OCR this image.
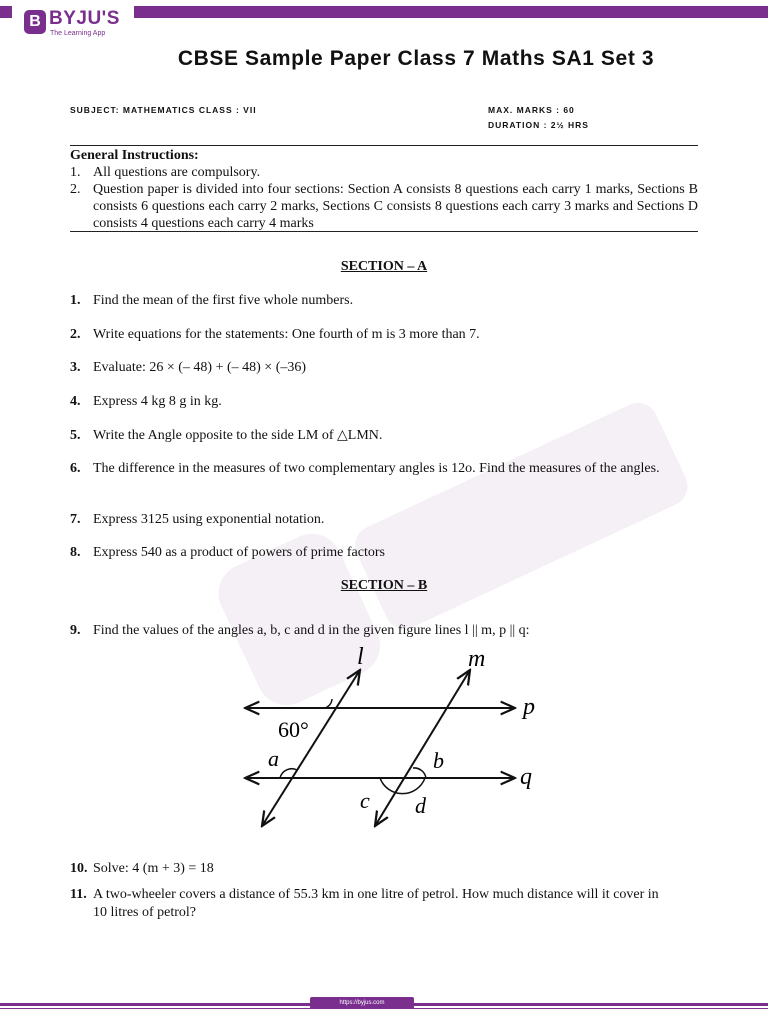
B BYJU'S
The Learning App
CBSE Sample Paper Class 7 Maths SA1 Set 3
SUBJECT: MATHEMATICS CLASS : VII	MAX. MARKS : 60
DURATION : 2½ HRS
General Instructions:
1. All questions are compulsory.
2. Question paper is divided into four sections: Section A consists 8 questions each carry 1 marks, Sections B consists 6 questions each carry 2 marks, Sections C consists 8 questions each carry 3 marks and Sections D consists 4 questions each carry 4 marks
SECTION – A
1. Find the mean of the first five whole numbers.
2. Write equations for the statements: One fourth of m is 3 more than 7.
3. Evaluate: 26 × (– 48) + (– 48) × (–36)
4. Express 4 kg 8 g in kg.
5. Write the Angle opposite to the side LM of △LMN.
6. The difference in the measures of two complementary angles is 12o. Find the measures of the angles.
7. Express 3125 using exponential notation.
8. Express 540 as a product of powers of prime factors
SECTION – B
9. Find the values of the angles a, b, c and d in the given figure lines l || m, p || q:
l	m
p
q
60°
a	b
c d
10. Solve: 4 (m + 3) = 18
11. A two-wheeler covers a distance of 55.3 km in one litre of petrol. How much distance will it cover in 10 litres of petrol?
https://byjus.com
